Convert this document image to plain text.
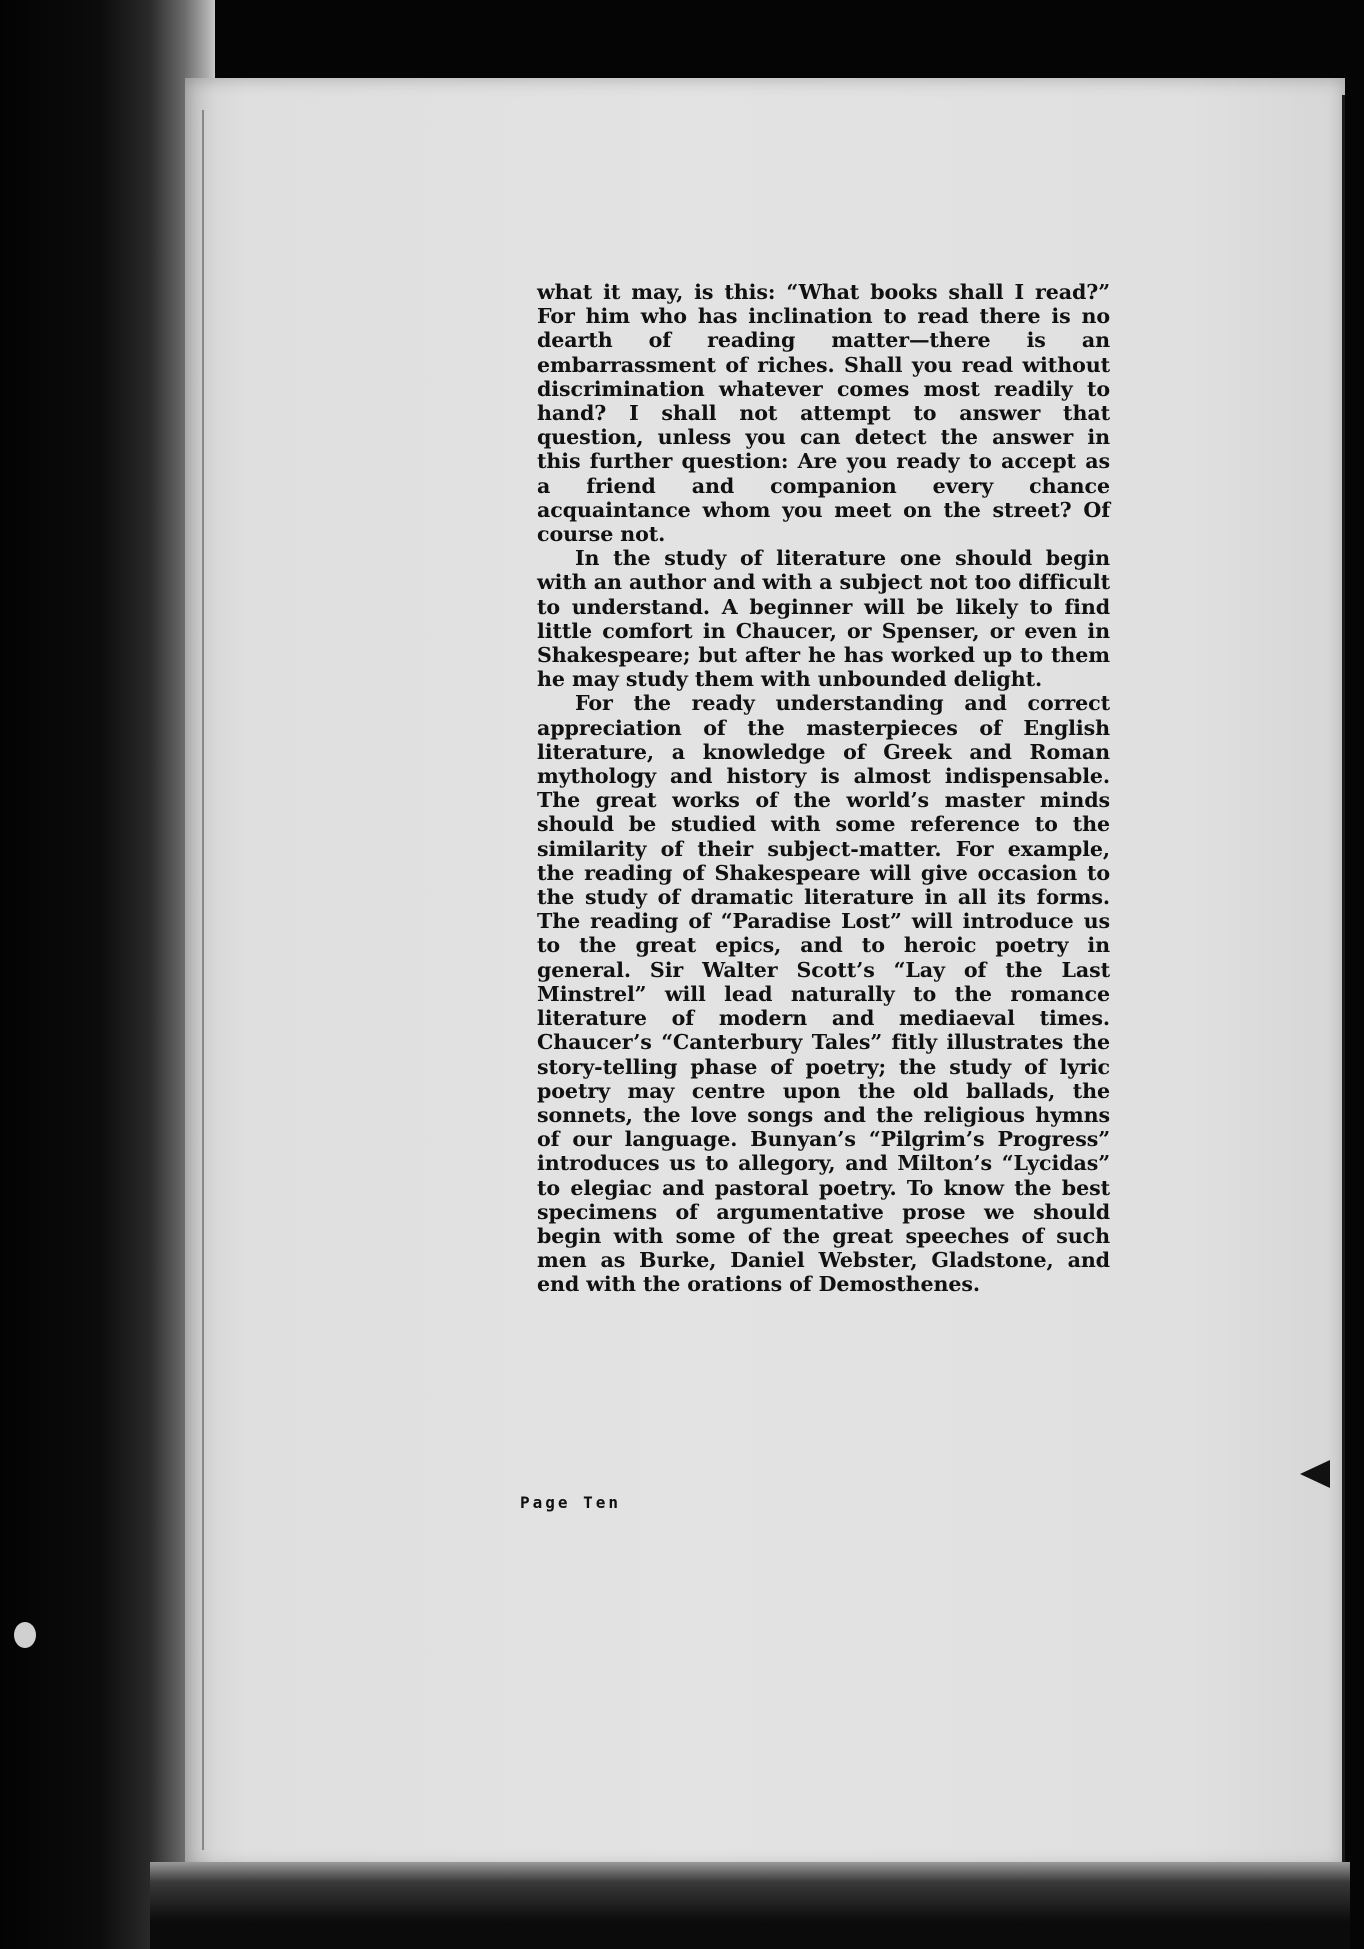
what it may, is this: “What books shall I read?” For him who has inclination to read there is no dearth of reading matter—there is an embarrassment of riches. Shall you read without discrimination whatever comes most readily to hand? I shall not attempt to answer that question, unless you can detect the answer in this further question: Are you ready to accept as a friend and companion every chance acquaintance whom you meet on the street? Of course not.

In the study of literature one should begin with an author and with a subject not too difficult to understand. A beginner will be likely to find little comfort in Chaucer, or Spenser, or even in Shakespeare; but after he has worked up to them he may study them with unbounded delight.

For the ready understanding and correct appreciation of the masterpieces of English literature, a knowledge of Greek and Roman mythology and history is almost indispensable. The great works of the world’s master minds should be studied with some reference to the similarity of their subject-matter. For example, the reading of Shakespeare will give occasion to the study of dramatic literature in all its forms. The reading of “Paradise Lost” will introduce us to the great epics, and to heroic poetry in general. Sir Walter Scott’s “Lay of the Last Minstrel” will lead naturally to the romance literature of modern and mediaeval times. Chaucer’s “Canterbury Tales” fitly illustrates the story-telling phase of poetry; the study of lyric poetry may centre upon the old ballads, the sonnets, the love songs and the religious hymns of our language. Bunyan’s “Pilgrim’s Progress” introduces us to allegory, and Milton’s “Lycidas” to elegiac and pastoral poetry. To know the best specimens of argumentative prose we should begin with some of the great speeches of such men as Burke, Daniel Webster, Gladstone, and end with the orations of Demosthenes.

Page Ten
